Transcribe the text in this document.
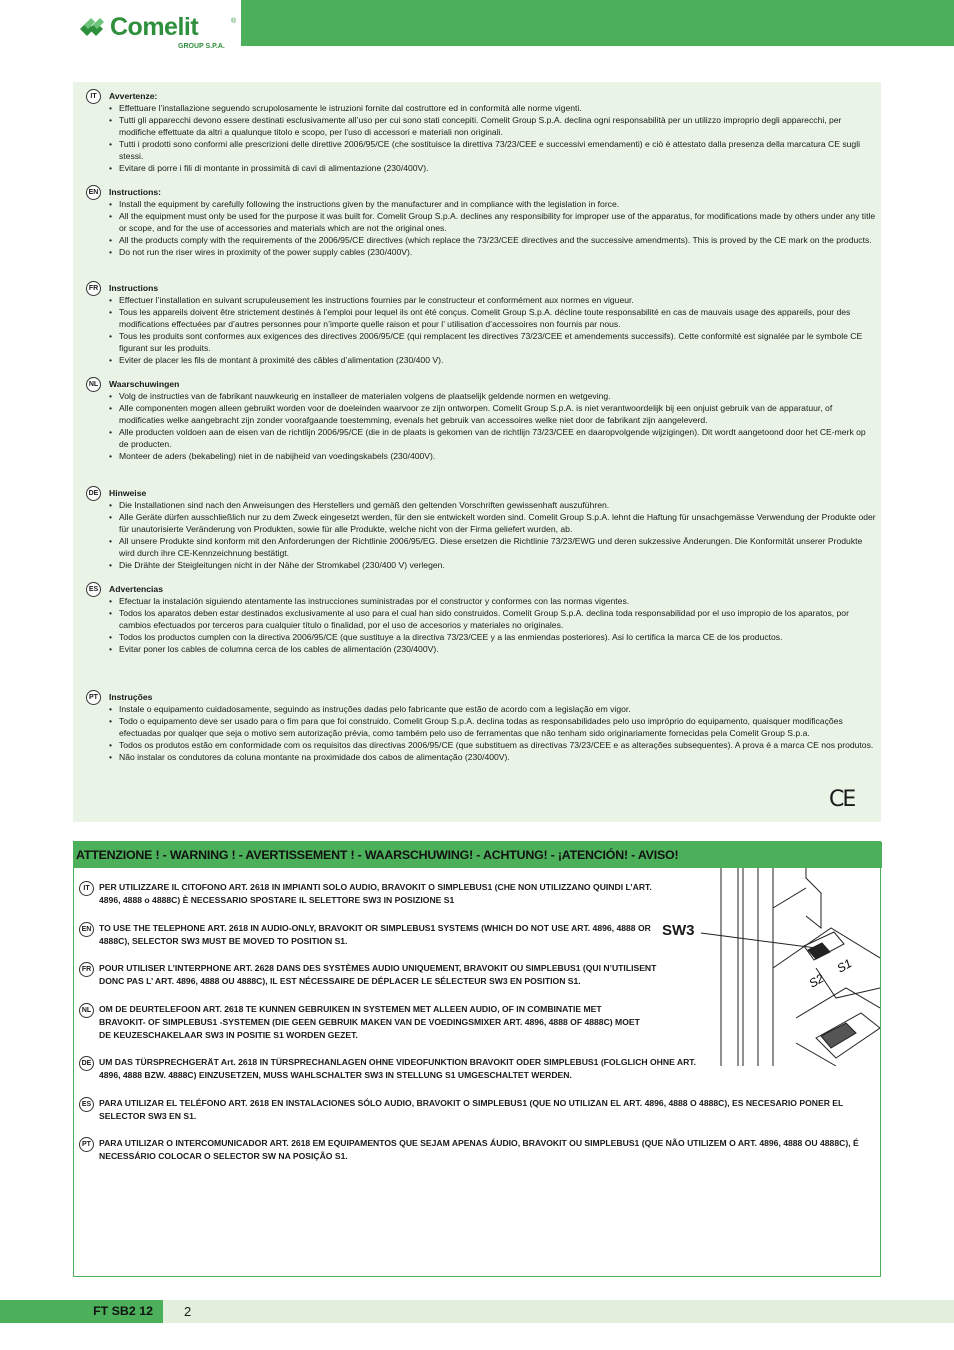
Comelit	®
GROUP S.P.A.
IT	Avvertenze:
• Effettuare l’installazione seguendo scrupolosamente le istruzioni fornite dal costruttore ed in conformità alle norme vigenti.
• Tutti gli apparecchi devono essere destinati esclusivamente all’uso per cui sono stati concepiti. Comelit Group S.p.A. declina ogni responsabilità per un utilizzo improprio degli apparecchi, per modifiche effettuate da altri a qualunque titolo e scopo, per l’uso di accessori e materiali non originali.
• Tutti i prodotti sono conformi alle prescrizioni delle direttive 2006/95/CE (che sostituisce la direttiva 73/23/CEE e successivi emendamenti) e ciò è attestato dalla presenza della marcatura CE sugli stessi.
• Evitare di porre i fili di montante in prossimità di cavi di alimentazione (230/400V).
EN	Instructions:
• Install the equipment by carefully following the instructions given by the manufacturer and in compliance with the legislation in force.
• All the equipment must only be used for the purpose it was built for. Comelit Group S.p.A. declines any responsibility for improper use of the apparatus, for modifications made by others under any title or scope, and for the use of accessories and materials which are not the original ones.
• All the products comply with the requirements of the 2006/95/CE directives (which replace the 73/23/CEE directives and the successive amendments). This is proved by the CE mark on the products.
• Do not run the riser wires in proximity of the power supply cables (230/400V).
FR	Instructions
• Effectuer l’installation en suivant scrupuleusement les instructions fournies par le constructeur et conformément aux normes en vigueur.
• Tous les appareils doivent être strictement destinés à l’emploi pour lequel ils ont été conçus. Comelit Group S.p.A. décline toute responsabilité en cas de mauvais usage des appareils, pour des modifications effectuées par d’autres personnes pour n’importe quelle raison et pour l’ utilisation d’accessoires non fournis par nous.
• Tous les produits sont conformes aux exigences des directives 2006/95/CE (qui remplacent les directives 73/23/CEE et amendements successifs). Cette conformité est signalée par le symbole CE figurant sur les produits.
• Eviter de placer les fils de montant à proximité des câbles d’alimentation (230/400 V).
NL	Waarschuwingen
• Volg de instructies van de fabrikant nauwkeurig en installeer de materialen volgens de plaatselijk geldende normen en wetgeving.
• Alle componenten mogen alleen gebruikt worden voor de doeleinden waarvoor ze zijn ontworpen. Comelit Group S.p.A. is niet verantwoordelijk bij een onjuist gebruik van de apparatuur, of modificaties welke aangebracht zijn zonder voorafgaande toestemming, evenals het gebruik van accessoires welke niet door de fabrikant zijn aangeleverd.
• Alle producten voldoen aan de eisen van de richtlijn 2006/95/CE (die in de plaats is gekomen van de richtlijn 73/23/CEE en daaropvolgende wijzigingen). Dit wordt aangetoond door het CE-merk op de producten.
• Monteer de aders (bekabeling) niet in de nabijheid van voedingskabels (230/400V).
DE	Hinweise
• Die Installationen sind nach den Anweisungen des Herstellers und gemäß den geltenden Vorschriften gewissenhaft auszuführen.
• Alle Geräte dürfen ausschließlich nur zu dem Zweck eingesetzt werden, für den sie entwickelt worden sind. Comelit Group S.p.A. lehnt die Haftung für unsachgemässe Verwendung der Produkte oder für unautorisierte Veränderung von Produkten, sowie für alle Produkte, welche nicht von der Firma geliefert wurden, ab.
• All unsere Produkte sind konform mit den Anforderungen der Richtlinie 2006/95/EG. Diese ersetzen die Richtlinie 73/23/EWG und deren sukzessive Änderungen. Die Konformität unserer Produkte wird durch ihre CE-Kennzeichnung bestätigt.
• Die Drähte der Steigleitungen nicht in der Nähe der Stromkabel (230/400 V) verlegen.
ES	Advertencias
• Efectuar la instalación siguiendo atentamente las instrucciones suministradas por el constructor y conformes con las normas vigentes.
• Todos los aparatos deben estar destinados exclusivamente al uso para el cual han sido construidos. Comelit Group S.p.A. declina toda responsabilidad por el uso impropio de los aparatos, por cambios efectuados por terceros para cualquier título o finalidad, por el uso de accesorios y materiales no originales.
• Todos los productos cumplen con la directiva 2006/95/CE (que sustituye a la directiva 73/23/CEE y a las enmiendas posteriores). Asi lo certifica la marca CE de los productos.
• Evitar poner los cables de columna cerca de los cables de alimentación (230/400V).
PT	Instruções
• Instale o equipamento cuidadosamente, seguindo as instruções dadas pelo fabricante que estão de acordo com a legislação em vigor.
• Todo o equipamento deve ser usado para o fim para que foi construido. Comelit Group S.p.A. declina todas as responsabilidades pelo uso impróprio do equipamento, quaisquer modificações efectuadas por qualqer que seja o motivo sem autorização prévia, como também pelo uso de ferramentas que não tenham sido originariamente fornecidas pela Comelit Group S.p.a.
• Todos os produtos estão em conformidade com os requisitos das directivas 2006/95/CE (que substituem as directivas 73/23/CEE e as alterações subsequentes). A prova é a marca CE nos produtos.
• Não instalar os condutores da coluna montante na proximidade dos cabos de alimentação (230/400V).
CE
ATTENZIONE ! - WARNING ! - AVERTISSEMENT ! - WAARSCHUWING! - ACHTUNG! - ¡ATENCIÓN! - AVISO!
IT	PER UTILIZZARE IL CITOFONO ART. 2618 IN IMPIANTI SOLO AUDIO, BRAVOKIT O SIMPLEBUS1 (CHE NON UTILIZZANO QUINDI L’ART. 4896, 4888 o 4888C) È NECESSARIO SPOSTARE IL SELETTORE SW3 IN POSIZIONE S1
EN TO USE THE TELEPHONE ART. 2618 IN AUDIO-ONLY, BRAVOKIT OR SIMPLEBUS1 SYSTEMS (WHICH DO NOT USE ART. 4896, 4888 OR 4888C), SELECTOR SW3 MUST BE MOVED TO POSITION S1.
FR POUR UTILISER L’INTERPHONE ART. 2628 DANS DES SYSTÈMES AUDIO UNIQUEMENT, BRAVOKIT OU SIMPLEBUS1 (QUI N’UTILISENT DONC PAS L’ ART. 4896, 4888 OU 4888C), IL EST NÉCESSAIRE DE DÉPLACER LE SÉLECTEUR SW3 EN POSITION S1.
NL OM DE DEURTELEFOON ART. 2618 TE KUNNEN GEBRUIKEN IN SYSTEMEN MET ALLEEN AUDIO, OF IN COMBINATIE MET BRAVOKIT- OF SIMPLEBUS1 -SYSTEMEN (DIE GEEN GEBRUIK MAKEN VAN DE VOEDINGSMIXER ART. 4896, 4888 OF 4888C) MOET DE KEUZESCHAKELAAR SW3 IN POSITIE S1 WORDEN GEZET.
DE UM DAS TÜRSPRECHGERÄT Art. 2618 IN TÜRSPRECHANLAGEN OHNE VIDEOFUNKTION BRAVOKIT ODER SIMPLEBUS1 (FOLGLICH OHNE ART. 4896, 4888 BZW. 4888C) EINZUSETZEN, MUSS WAHLSCHALTER SW3 IN STELLUNG S1 UMGESCHALTET WERDEN.
ES PARA UTILIZAR EL TELÉFONO ART. 2618 EN INSTALACIONES SÓLO AUDIO, BRAVOKIT O SIMPLEBUS1 (QUE NO UTILIZAN EL ART. 4896, 4888 O 4888C), ES NECESARIO PONER EL SELECTOR SW3 EN S1.
PT PARA UTILIZAR O INTERCOMUNICADOR ART. 2618 EM EQUIPAMENTOS QUE SEJAM APENAS ÁUDIO, BRAVOKIT OU SIMPLEBUS1 (QUE NÃO UTILIZEM O ART. 4896, 4888 OU 4888C), É NECESSÁRIO COLOCAR O SELECTOR SW NA POSIÇÃO S1.
S2
S1
SW3
FT SB2 12 2
